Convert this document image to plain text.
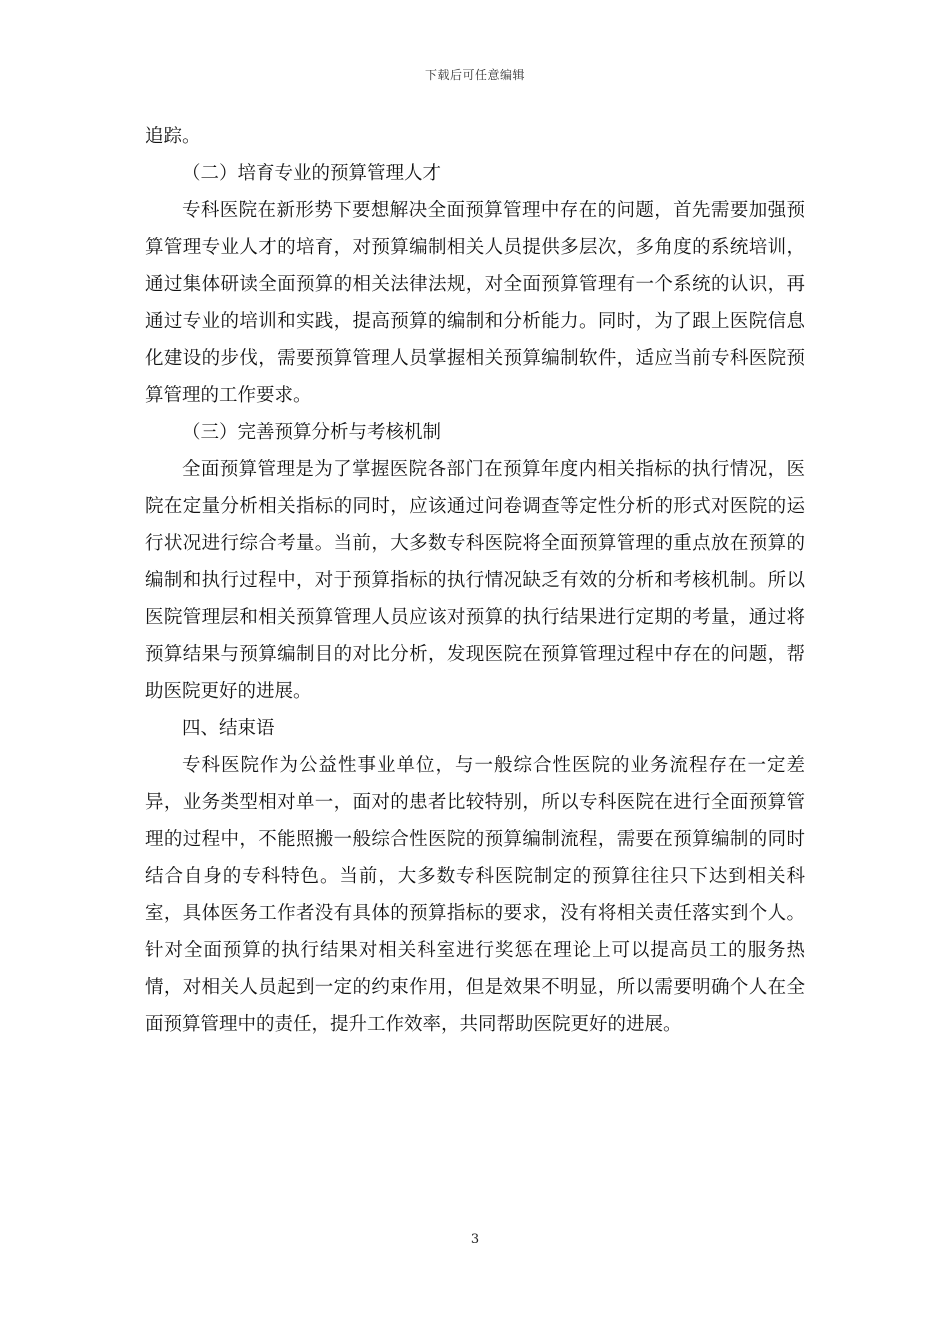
下载后可任意编辑

追踪。

（二）培育专业的预算管理人才

专科医院在新形势下要想解决全面预算管理中存在的问题，首先需要加强预算管理专业人才的培育，对预算编制相关人员提供多层次，多角度的系统培训，通过集体研读全面预算的相关法律法规，对全面预算管理有一个系统的认识，再通过专业的培训和实践，提高预算的编制和分析能力。同时，为了跟上医院信息化建设的步伐，需要预算管理人员掌握相关预算编制软件，适应当前专科医院预算管理的工作要求。

（三）完善预算分析与考核机制

全面预算管理是为了掌握医院各部门在预算年度内相关指标的执行情况，医院在定量分析相关指标的同时，应该通过问卷调查等定性分析的形式对医院的运行状况进行综合考量。当前，大多数专科医院将全面预算管理的重点放在预算的编制和执行过程中，对于预算指标的执行情况缺乏有效的分析和考核机制。所以医院管理层和相关预算管理人员应该对预算的执行结果进行定期的考量，通过将预算结果与预算编制目的对比分析，发现医院在预算管理过程中存在的问题，帮助医院更好的进展。

四、结束语

专科医院作为公益性事业单位，与一般综合性医院的业务流程存在一定差异，业务类型相对单一，面对的患者比较特别，所以专科医院在进行全面预算管理的过程中，不能照搬一般综合性医院的预算编制流程，需要在预算编制的同时结合自身的专科特色。当前，大多数专科医院制定的预算往往只下达到相关科室，具体医务工作者没有具体的预算指标的要求，没有将相关责任落实到个人。针对全面预算的执行结果对相关科室进行奖惩在理论上可以提高员工的服务热情，对相关人员起到一定的约束作用，但是效果不明显，所以需要明确个人在全面预算管理中的责任，提升工作效率，共同帮助医院更好的进展。

3
